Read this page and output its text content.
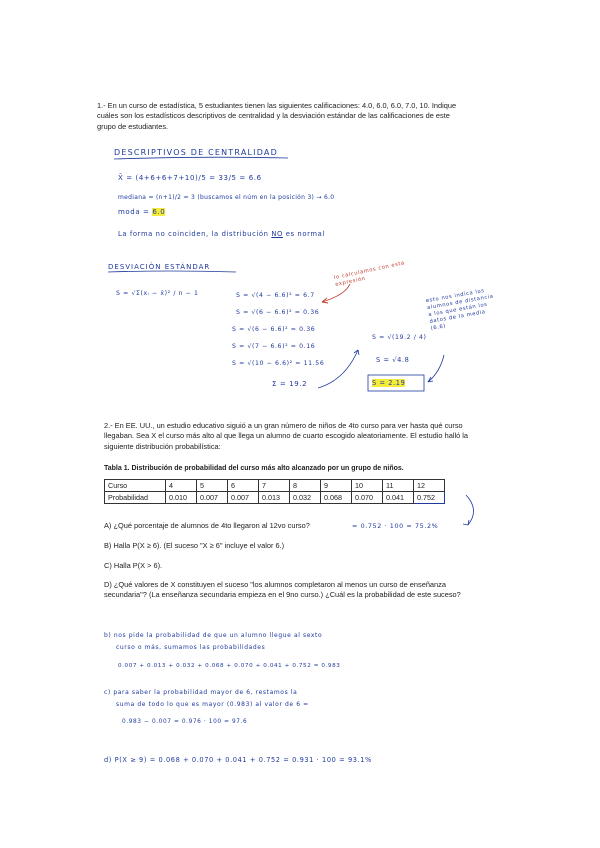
1.- En un curso de estadística, 5 estudiantes tienen las siguientes calificaciones: 4.0, 6.0, 6.0, 7.0, 10. Indique cuáles son los estadísticos descriptivos de centralidad y la desviación estándar de las calificaciones de este grupo de estudiantes.
DESCRIPTIVOS DE CENTRALIDAD
X̄ = (4+6+6+7+10)/5 = 33/5 = 6.6
mediana = (n+1)/2 = 3 (buscamos el núm en la posición 3) → 6.0
moda = 6.0
La forma no coinciden, la distribución NO es normal
DESVIACIÓN ESTÁNDAR
S = √Σ(xᵢ − x̄)² / n − 1	S = √(4 − 6.6)² = 6.7
S = √(6 − 6.6)² = 0.36
S = √(6 − 6.6)² = 0.36
S = √(7 − 6.6)² = 0.16
S = √(10 − 6.6)² = 11.56
Σ = 19.2
S = √(19.2 / 4)
S = √4.8
S = 2.19
lo calculamos con esta expresión
esto nos indica los alumnos de distancia a los que están los datos de la media (6.6)
2.- En EE. UU., un estudio educativo siguió a un gran número de niños de 4to curso para ver hasta qué curso llegaban. Sea X el curso más alto al que llega un alumno de cuarto escogido aleatoriamente. El estudio halló la siguiente distribución probabilística:
Tabla 1. Distribución de probabilidad del curso más alto alcanzado por un grupo de niños.
Curso	4	5	6	7	8	9	10	11	12
Probabilidad	0.010	0.007	0.007	0.013	0.032	0.068	0.070	0.041	0.752
A) ¿Qué porcentaje de alumnos de 4to llegaron al 12vo curso?	= 0.752 · 100 = 75.2%
B) Halla P(X ≥ 6). (El suceso "X ≥ 6" incluye el valor 6.)
C) Halla P(X > 6).
D) ¿Qué valores de X constituyen el suceso "los alumnos completaron al menos un curso de enseñanza secundaria"? (La enseñanza secundaria empieza en el 9no curso.) ¿Cuál es la probabilidad de este suceso?
b) nos pide la probabilidad de que un alumno llegue al sexto
curso o más, sumamos las probabilidades
0.007 + 0.013 + 0.032 + 0.068 + 0.070 + 0.041 + 0.752 = 0.983
c) para saber la probabilidad mayor de 6, restamos la
suma de todo lo que es mayor (0.983) al valor de 6 =
0.983 − 0.007 = 0.976 · 100 = 97.6
d) P(X ≥ 9) = 0.068 + 0.070 + 0.041 + 0.752 = 0.931 · 100 = 93.1%
